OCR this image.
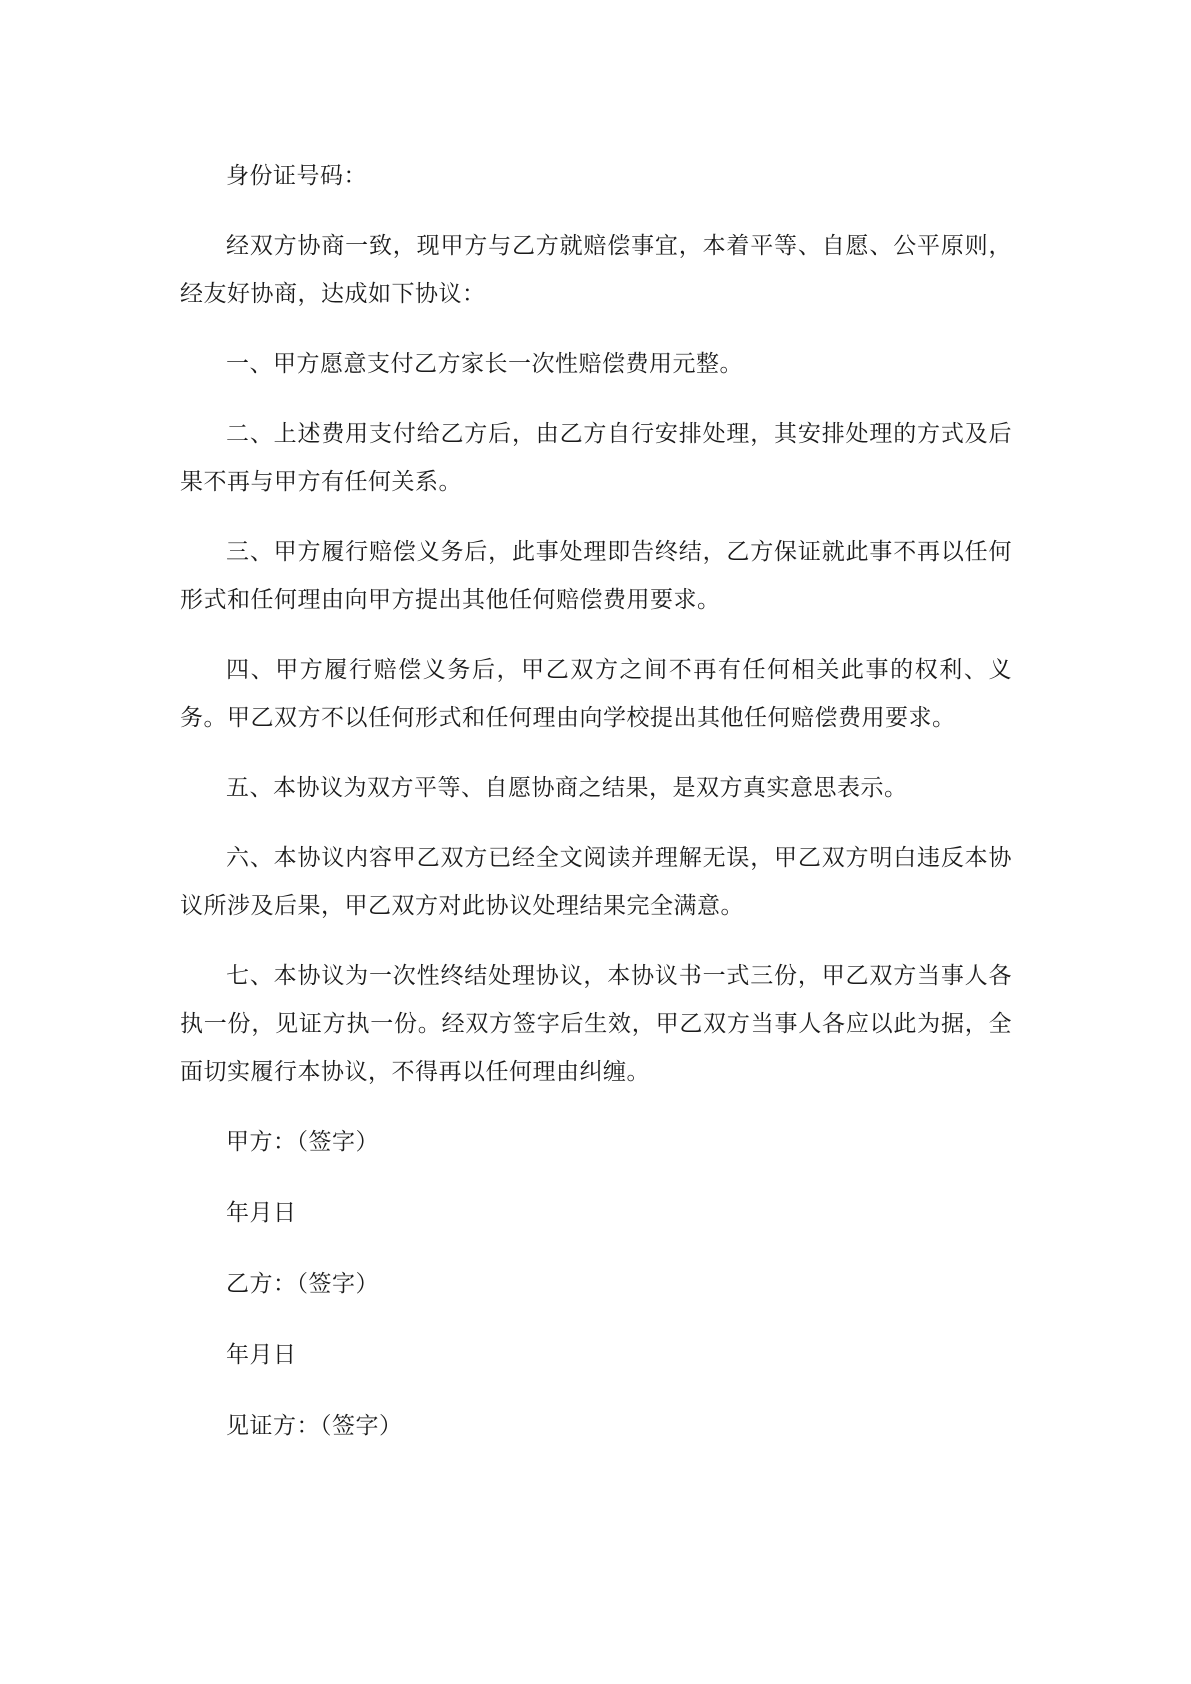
身份证号码：

经双方协商一致，现甲方与乙方就赔偿事宜，本着平等、自愿、公平原则，经友好协商，达成如下协议：

一、甲方愿意支付乙方家长一次性赔偿费用元整。

二、上述费用支付给乙方后，由乙方自行安排处理，其安排处理的方式及后果不再与甲方有任何关系。

三、甲方履行赔偿义务后，此事处理即告终结，乙方保证就此事不再以任何形式和任何理由向甲方提出其他任何赔偿费用要求。

四、甲方履行赔偿义务后，甲乙双方之间不再有任何相关此事的权利、义务。甲乙双方不以任何形式和任何理由向学校提出其他任何赔偿费用要求。

五、本协议为双方平等、自愿协商之结果，是双方真实意思表示。

六、本协议内容甲乙双方已经全文阅读并理解无误，甲乙双方明白违反本协议所涉及后果，甲乙双方对此协议处理结果完全满意。

七、本协议为一次性终结处理协议，本协议书一式三份，甲乙双方当事人各执一份，见证方执一份。经双方签字后生效，甲乙双方当事人各应以此为据，全面切实履行本协议，不得再以任何理由纠缠。

甲方：（签字）

年月日

乙方：（签字）

年月日

见证方：（签字）
